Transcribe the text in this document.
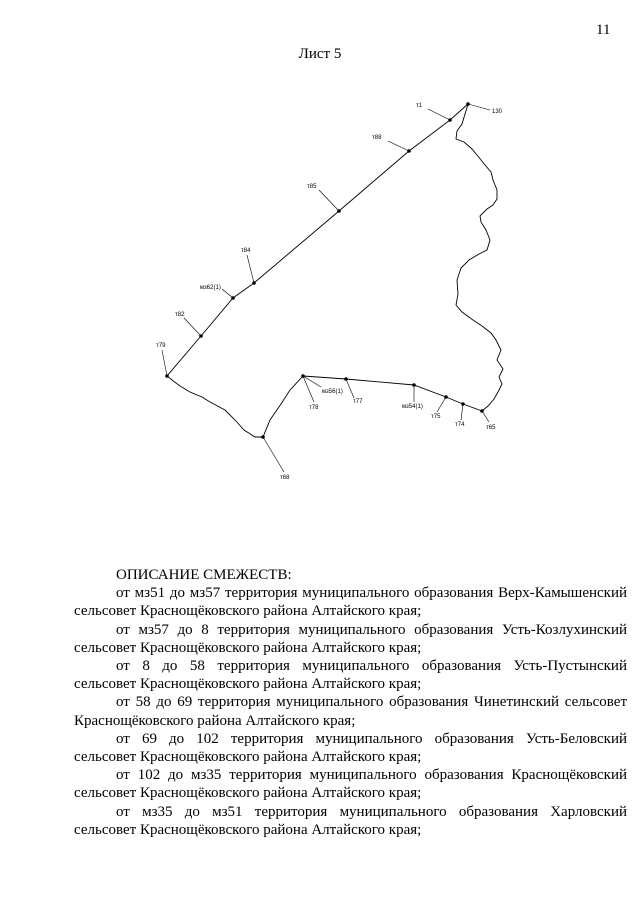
11
Лист 5
130
т1
т88
т85
т84
мз62(1)
т82
т79
т68
т78
мз56(1)
т77
мз54(1)
т75
т74	т65
ОПИСАНИЕ СМЕЖЕСТВ:

от мз51 до мз57 территория муниципального образования Верх-Камышенский сельсовет Краснощёковского района Алтайского края;

от мз57 до 8 территория муниципального образования Усть-Козлухинский сельсовет Краснощёковского района Алтайского края;

от 8 до 58 территория муниципального образования Усть-Пустынский сельсовет Краснощёковского района Алтайского края;

от 58 до 69 территория муниципального образования Чинетинский сельсовет Краснощёковского района Алтайского края;

от 69 до 102 территория муниципального образования Усть-Беловский сельсовет Краснощёковского района Алтайского края;

от 102 до мз35 территория муниципального образования Краснощёковский сельсовет Краснощёковского района Алтайского края;

от мз35 до мз51 территория муниципального образования Харловский сельсовет Краснощёковского района Алтайского края;
